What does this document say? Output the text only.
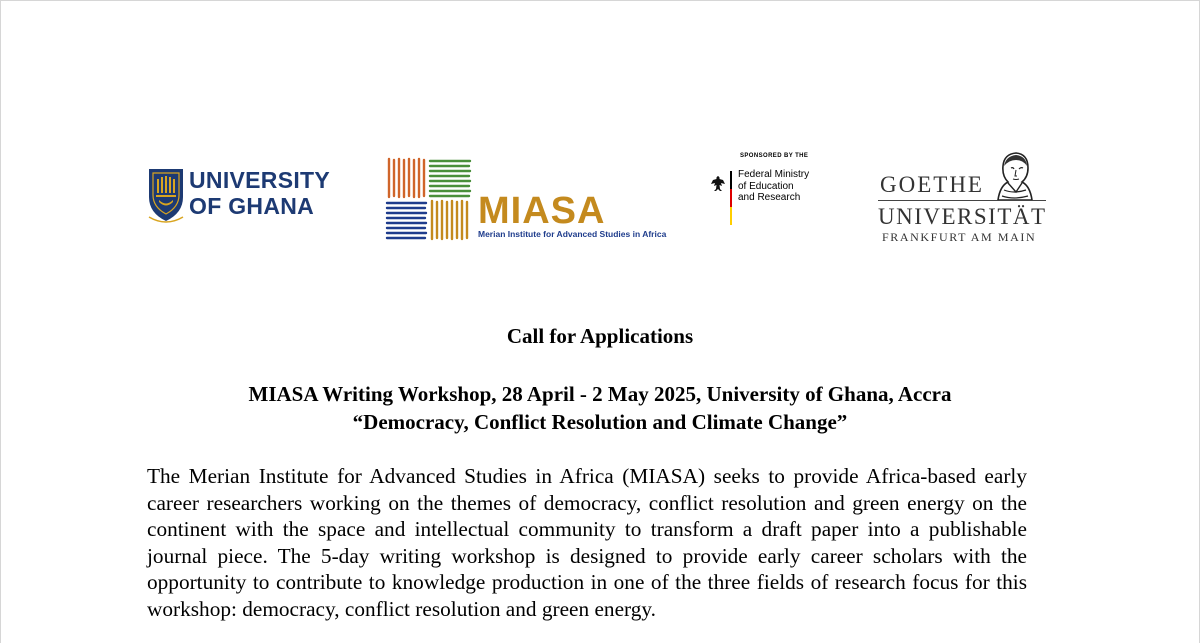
UNIVERSITY
OF GHANA	MIASA
Merian Institute for Advanced Studies in Africa
SPONSORED BY THE
Federal Ministry
of Education
and Research
GOETHE
UNIVERSITÄT
FRANKFURT AM MAIN
Call for Applications
MIASA Writing Workshop, 28 April - 2 May 2025, University of Ghana, Accra
“Democracy, Conflict Resolution and Climate Change”

The Merian Institute for Advanced Studies in Africa (MIASA) seeks to provide Africa-based early career researchers working on the themes of democracy, conflict resolution and green energy on the continent with the space and intellectual community to transform a draft paper into a publishable journal piece. The 5-day writing workshop is designed to provide early career scholars with the opportunity to contribute to knowledge production in one of the three fields of research focus for this workshop: democracy, conflict resolution and green energy.
